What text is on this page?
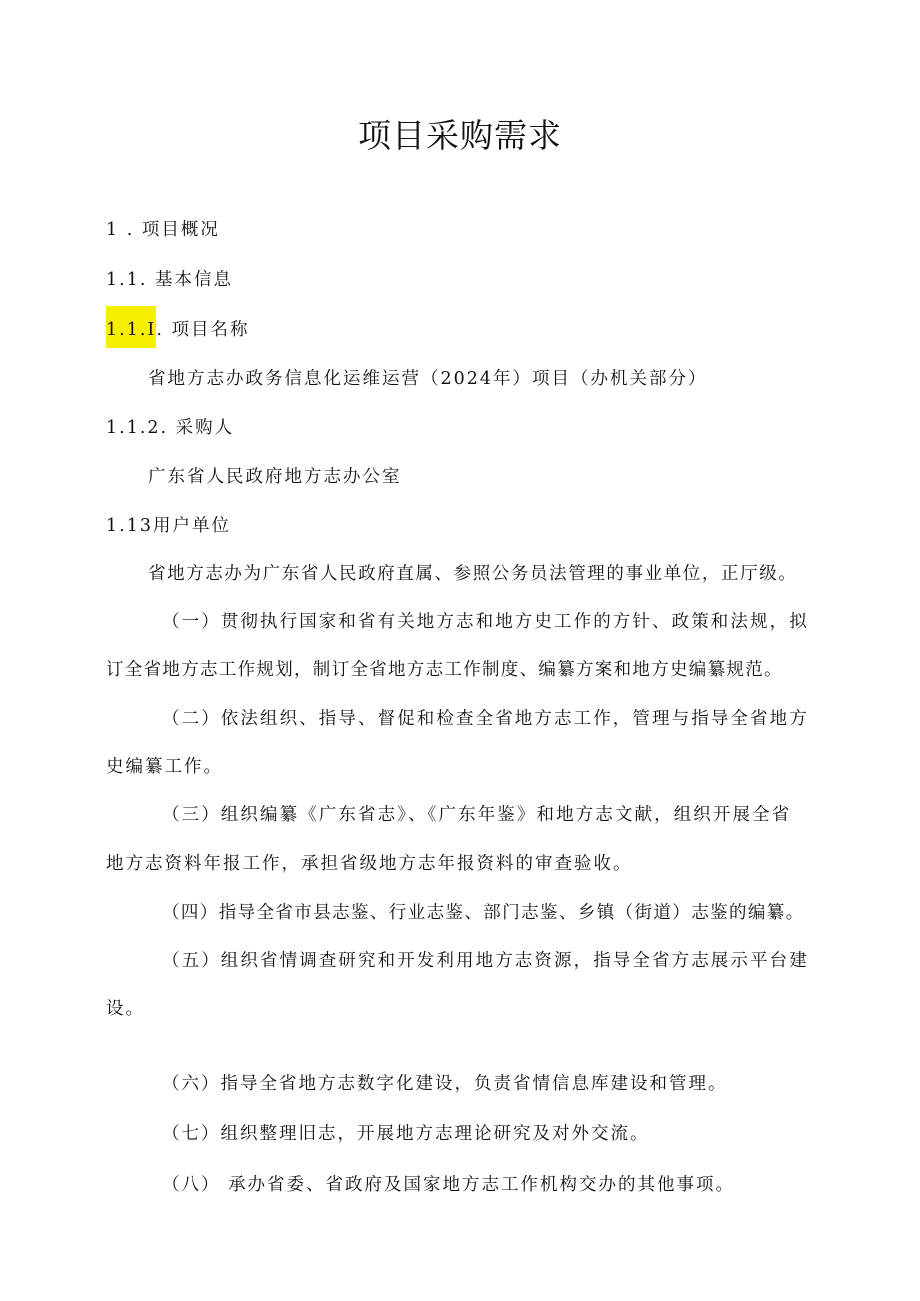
项目采购需求
1 . 项目概况
1.1. 基本信息
1.1.I. 项目名称
省地方志办政务信息化运维运营（2024年）项目（办机关部分）
1.1.2. 采购人
广东省人民政府地方志办公室
1.13用户单位
省地方志办为广东省人民政府直属、参照公务员法管理的事业单位，正厅级。
（一）贯彻执行国家和省有关地方志和地方史工作的方针、政策和法规，拟
订全省地方志工作规划，制订全省地方志工作制度、编纂方案和地方史编纂规范。
（二）依法组织、指导、督促和检查全省地方志工作，管理与指导全省地方
史编纂工作。
（三）组织编纂《广东省志》、《广东年鉴》和地方志文献，组织开展全省
地方志资料年报工作，承担省级地方志年报资料的审查验收。
（四）指导全省市县志鉴、行业志鉴、部门志鉴、乡镇（街道）志鉴的编纂。
（五）组织省情调查研究和开发利用地方志资源，指导全省方志展示平台建
设。
（六）指导全省地方志数字化建设，负责省情信息库建设和管理。
（七）组织整理旧志，开展地方志理论研究及对外交流。
（八） 承办省委、省政府及国家地方志工作机构交办的其他事项。
